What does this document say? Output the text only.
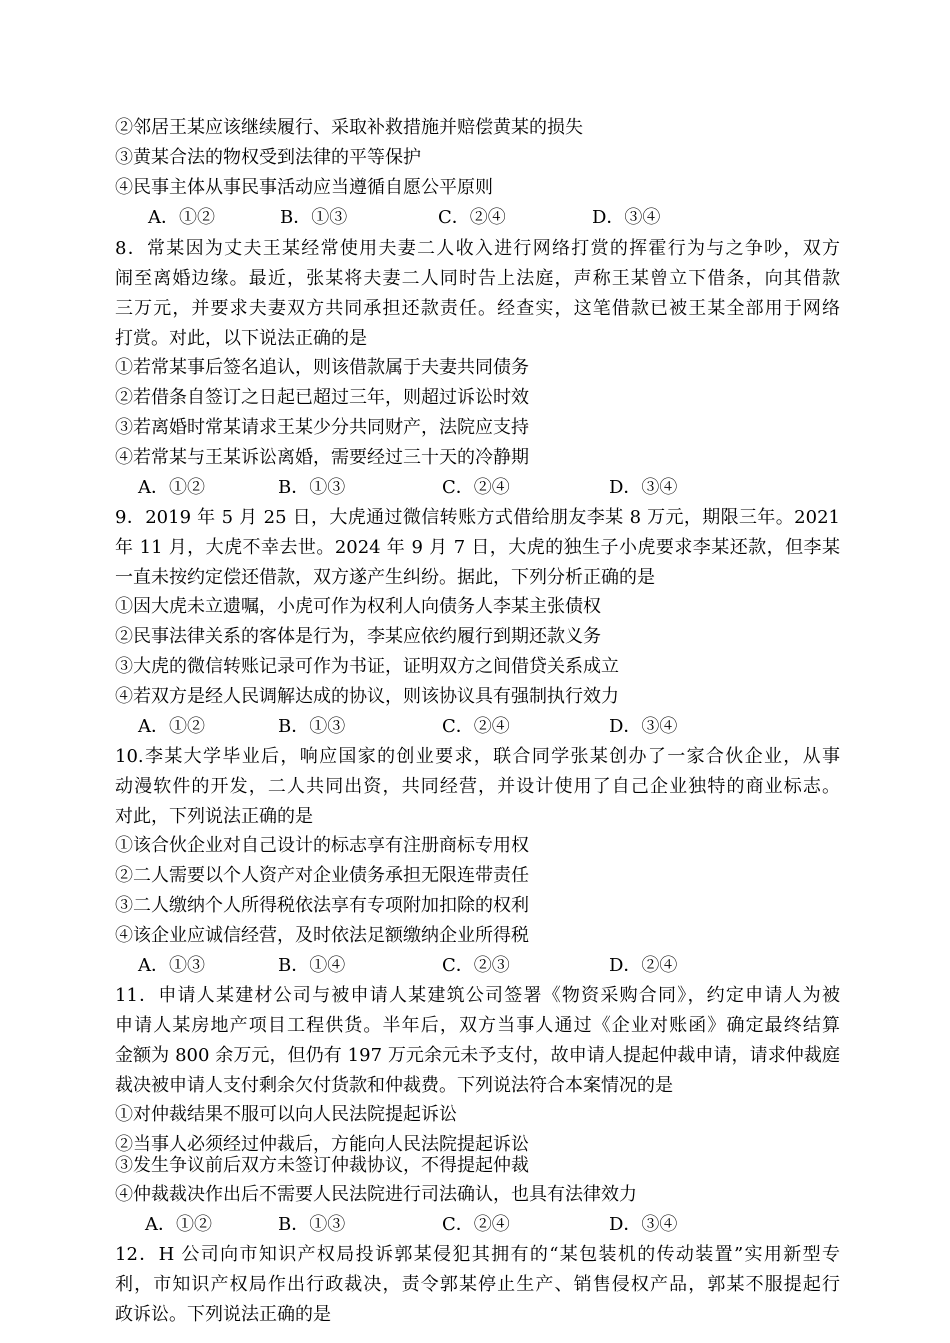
②邻居王某应该继续履行、采取补救措施并赔偿黄某的损失
③黄某合法的物权受到法律的平等保护
④民事主体从事民事活动应当遵循自愿公平原则
A．①②	B．①③	C．②④	D．③④
8．常某因为丈夫王某经常使用夫妻二人收入进行网络打赏的挥霍行为与之争吵，双方
闹至离婚边缘。最近，张某将夫妻二人同时告上法庭，声称王某曾立下借条，向其借款
三万元，并要求夫妻双方共同承担还款责任。经查实，这笔借款已被王某全部用于网络
打赏。对此，以下说法正确的是
①若常某事后签名追认，则该借款属于夫妻共同债务
②若借条自签订之日起已超过三年，则超过诉讼时效
③若离婚时常某请求王某少分共同财产，法院应支持
④若常某与王某诉讼离婚，需要经过三十天的冷静期
A．①②	B．①③	C．②④	D．③④
9．2019 年 5 月 25 日，大虎通过微信转账方式借给朋友李某 8 万元，期限三年。2021
年 11 月，大虎不幸去世。2024 年 9 月 7 日，大虎的独生子小虎要求李某还款，但李某
一直未按约定偿还借款，双方遂产生纠纷。据此，下列分析正确的是
①因大虎未立遗嘱，小虎可作为权利人向债务人李某主张债权
②民事法律关系的客体是行为，李某应依约履行到期还款义务
③大虎的微信转账记录可作为书证，证明双方之间借贷关系成立
④若双方是经人民调解达成的协议，则该协议具有强制执行效力
A．①②	B．①③	C．②④	D．③④
10.李某大学毕业后，响应国家的创业要求，联合同学张某创办了一家合伙企业，从事
动漫软件的开发，二人共同出资，共同经营，并设计使用了自己企业独特的商业标志。
对此，下列说法正确的是
①该合伙企业对自己设计的标志享有注册商标专用权
②二人需要以个人资产对企业债务承担无限连带责任
③二人缴纳个人所得税依法享有专项附加扣除的权利
④该企业应诚信经营，及时依法足额缴纳企业所得税
A．①③	B．①④	C．②③	D．②④
11．申请人某建材公司与被申请人某建筑公司签署《物资采购合同》，约定申请人为被
申请人某房地产项目工程供货。半年后，双方当事人通过《企业对账函》确定最终结算
金额为 800 余万元，但仍有 197 万元余元未予支付，故申请人提起仲裁申请，请求仲裁庭
裁决被申请人支付剩余欠付货款和仲裁费。下列说法符合本案情况的是
①对仲裁结果不服可以向人民法院提起诉讼
②当事人必须经过仲裁后，方能向人民法院提起诉讼
③发生争议前后双方未签订仲裁协议，不得提起仲裁
④仲裁裁决作出后不需要人民法院进行司法确认，也具有法律效力
A．①②	B．①③	C．②④	D．③④
12．H 公司向市知识产权局投诉郭某侵犯其拥有的“某包装机的传动装置”实用新型专
利，市知识产权局作出行政裁决，责令郭某停止生产、销售侵权产品，郭某不服提起行
政诉讼。下列说法正确的是
